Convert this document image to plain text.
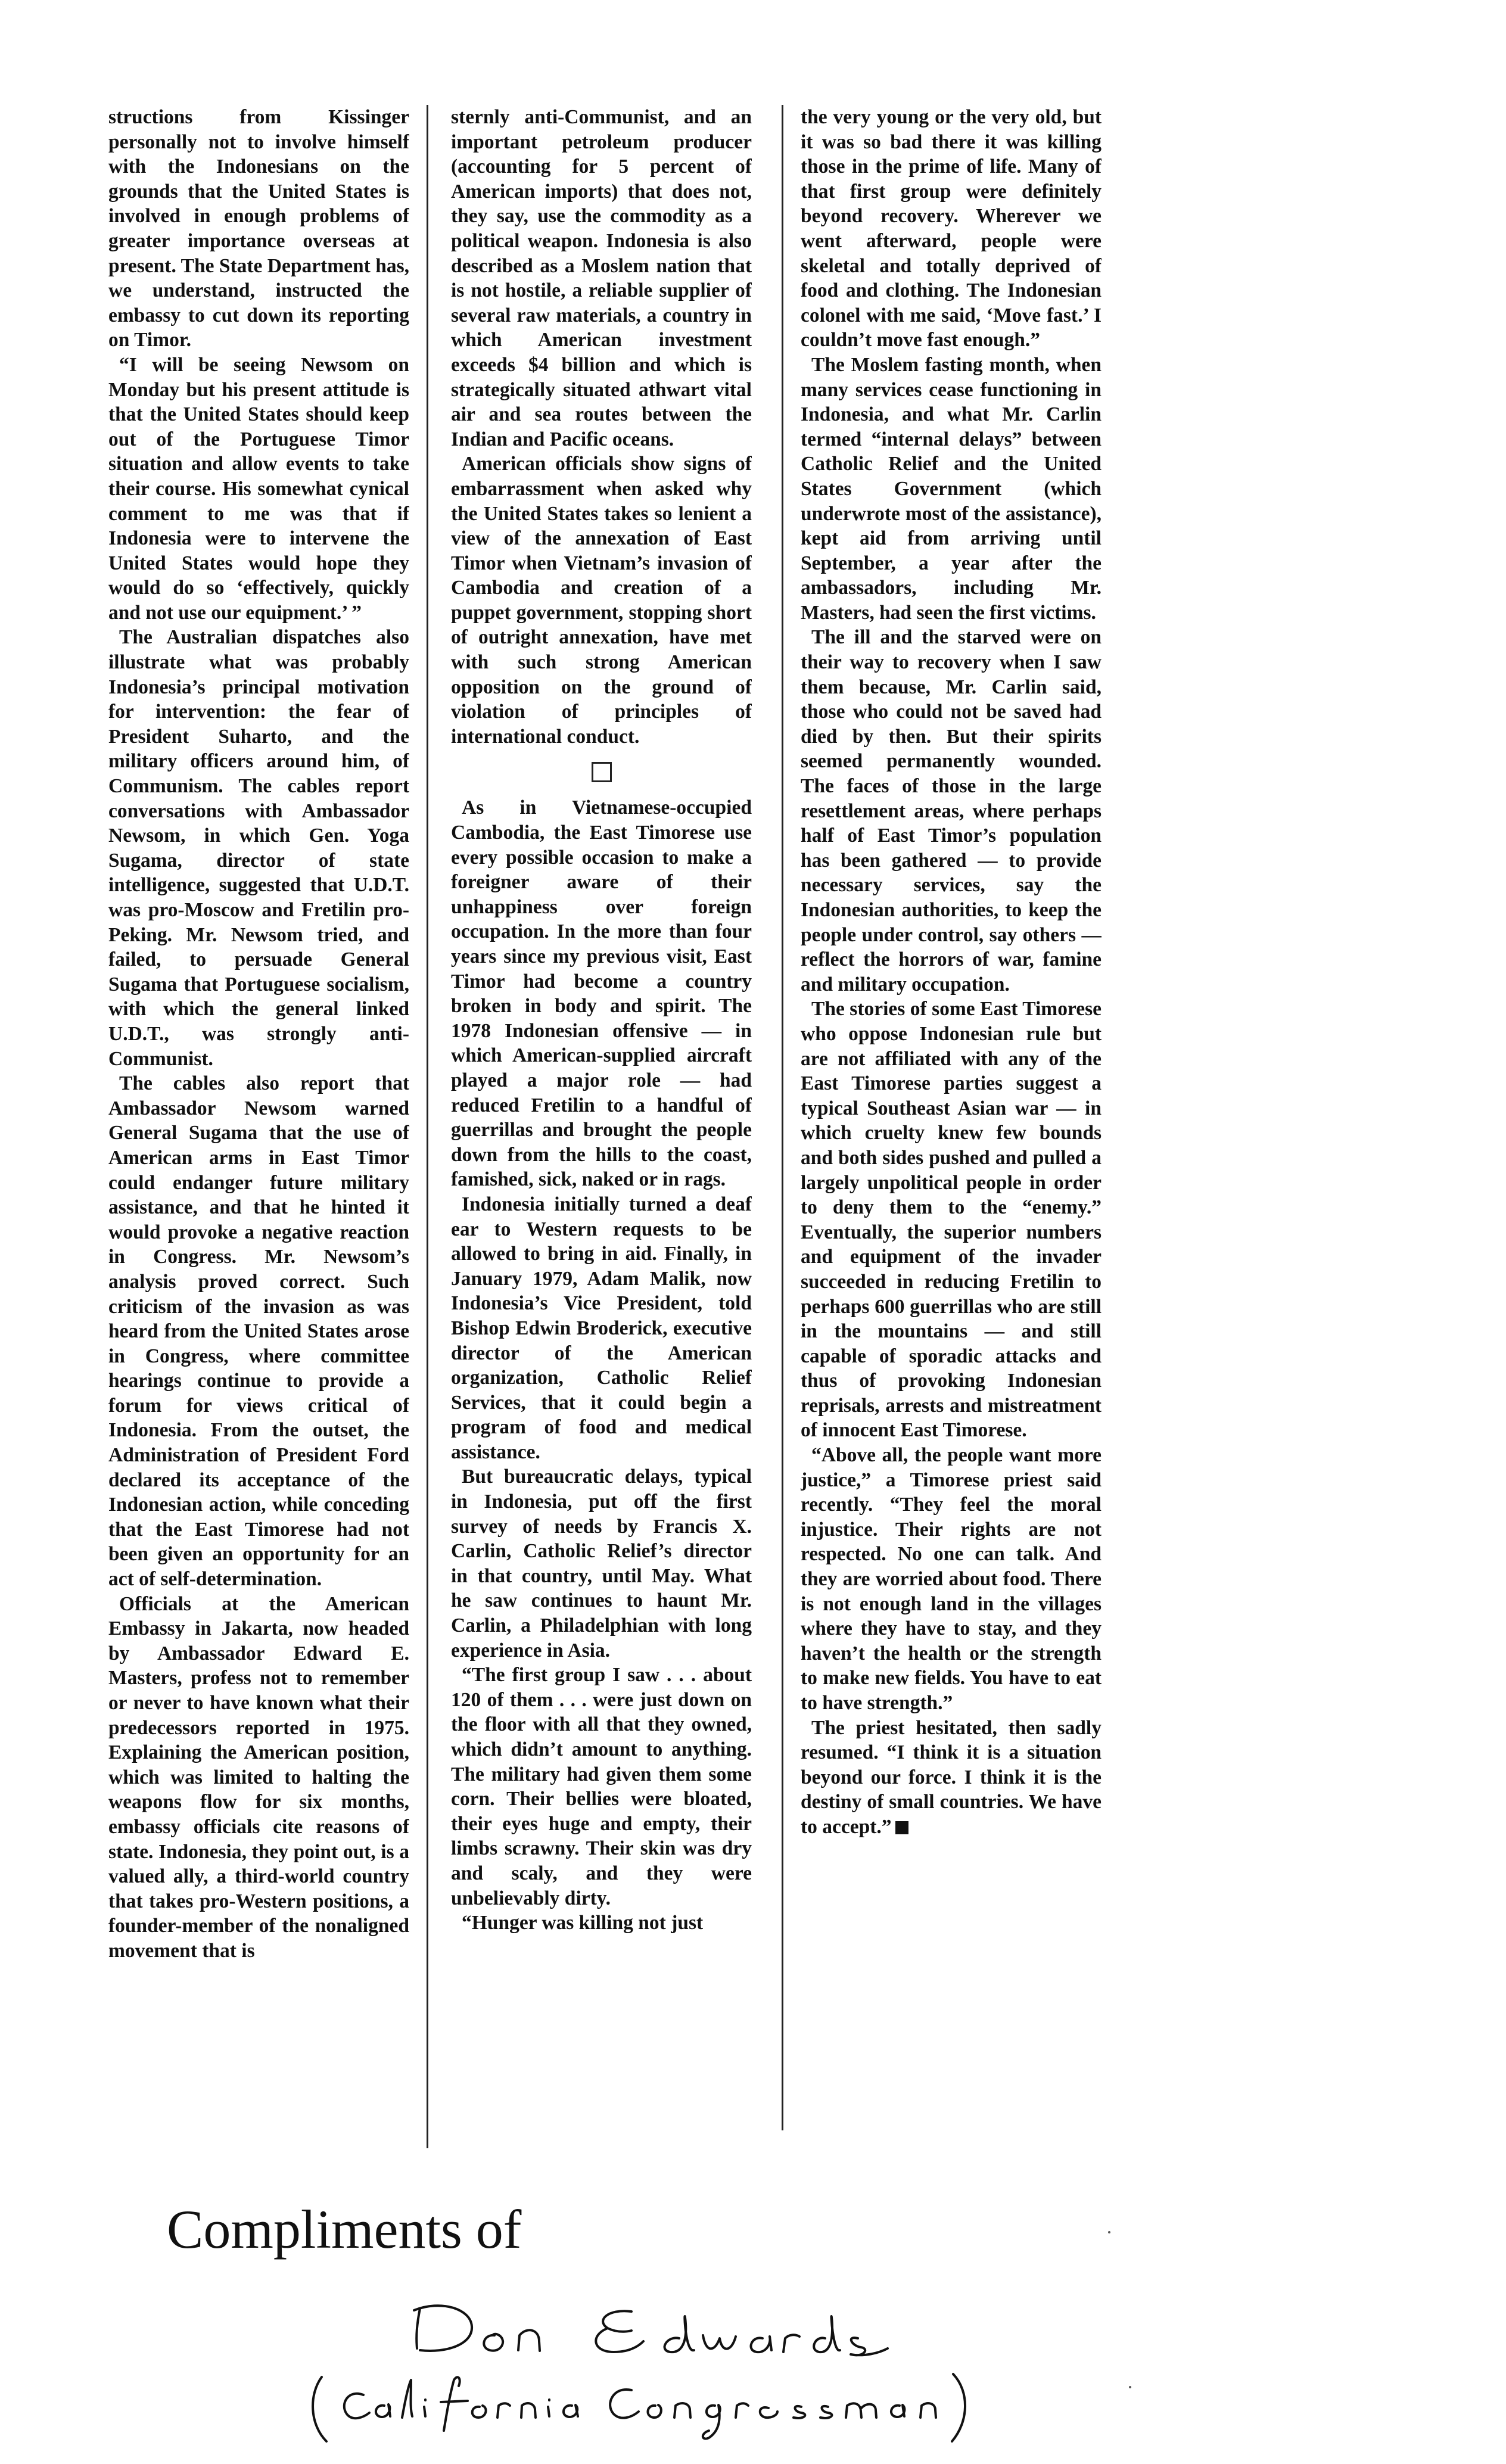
structions from Kissinger personally not to involve himself with the Indonesians on the grounds that the United States is involved in enough problems of greater importance overseas at present. The State Department has, we understand, instructed the embassy to cut down its reporting on Timor.

“I will be seeing Newsom on Monday but his present attitude is that the United States should keep out of the Portuguese Timor situation and allow events to take their course. His somewhat cynical comment to me was that if Indonesia were to intervene the United States would hope they would do so ‘effectively, quickly and not use our equipment.’ ”

The Australian dispatches also illustrate what was probably Indonesia’s principal motivation for intervention: the fear of President Suharto, and the military officers around him, of Communism. The cables report conversations with Ambassador Newsom, in which Gen. Yoga Sugama, director of state intelligence, suggested that U.D.T. was pro-Moscow and Fretilin pro-Peking. Mr. Newsom tried, and failed, to persuade General Sugama that Portuguese socialism, with which the general linked U.D.T., was strongly anti-Communist.

The cables also report that Ambassador Newsom warned General Sugama that the use of American arms in East Timor could endanger future military assistance, and that he hinted it would provoke a negative reaction in Congress. Mr. Newsom’s analysis proved correct. Such criticism of the invasion as was heard from the United States arose in Congress, where committee hearings continue to provide a forum for views critical of Indonesia. From the outset, the Administration of President Ford declared its acceptance of the Indonesian action, while conceding that the East Timorese had not been given an opportunity for an act of self-determination.

Officials at the American Embassy in Jakarta, now headed by Ambassador Edward E. Masters, profess not to remember or never to have known what their predecessors reported in 1975. Explaining the American position, which was limited to halting the weapons flow for six months, embassy officials cite reasons of state. Indonesia, they point out, is a valued ally, a third-world country that takes pro-Western positions, a founder-member of the nonaligned movement that is

sternly anti-Communist, and an important petroleum producer (accounting for 5 percent of American imports) that does not, they say, use the commodity as a political weapon. Indonesia is also described as a Moslem nation that is not hostile, a reliable supplier of several raw materials, a country in which American investment exceeds $4 billion and which is strategically situated athwart vital air and sea routes between the Indian and Pacific oceans.

American officials show signs of embarrassment when asked why the United States takes so lenient a view of the annexation of East Timor when Vietnam’s invasion of Cambodia and creation of a puppet government, stopping short of outright annexation, have met with such strong American opposition on the ground of violation of principles of international conduct.

As in Vietnamese-occupied Cambodia, the East Timorese use every possible occasion to make a foreigner aware of their unhappiness over foreign occupation. In the more than four years since my previous visit, East Timor had become a country broken in body and spirit. The 1978 Indonesian offensive — in which American-supplied aircraft played a major role — had reduced Fretilin to a handful of guerrillas and brought the people down from the hills to the coast, famished, sick, naked or in rags.

Indonesia initially turned a deaf ear to Western requests to be allowed to bring in aid. Finally, in January 1979, Adam Malik, now Indonesia’s Vice President, told Bishop Edwin Broderick, executive director of the American organization, Catholic Relief Services, that it could begin a program of food and medical assistance.

But bureaucratic delays, typical in Indonesia, put off the first survey of needs by Francis X. Carlin, Catholic Relief’s director in that country, until May. What he saw continues to haunt Mr. Carlin, a Philadelphian with long experience in Asia.

“The first group I saw . . . about 120 of them . . . were just down on the floor with all that they owned, which didn’t amount to anything. The military had given them some corn. Their bellies were bloated, their eyes huge and empty, their limbs scrawny. Their skin was dry and scaly, and they were unbelievably dirty.

“Hunger was killing not just

the very young or the very old, but it was so bad there it was killing those in the prime of life. Many of that first group were definitely beyond recovery. Wherever we went afterward, people were skeletal and totally deprived of food and clothing. The Indonesian colonel with me said, ‘Move fast.’ I couldn’t move fast enough.”

The Moslem fasting month, when many services cease functioning in Indonesia, and what Mr. Carlin termed “internal delays” between Catholic Relief and the United States Government (which underwrote most of the assistance), kept aid from arriving until September, a year after the ambassadors, including Mr. Masters, had seen the first victims.

The ill and the starved were on their way to recovery when I saw them because, Mr. Carlin said, those who could not be saved had died by then. But their spirits seemed permanently wounded. The faces of those in the large resettlement areas, where perhaps half of East Timor’s population has been gathered — to provide necessary services, say the Indonesian authorities, to keep the people under control, say others — reflect the horrors of war, famine and military occupation.

The stories of some East Timorese who oppose Indonesian rule but are not affiliated with any of the East Timorese parties suggest a typical Southeast Asian war — in which cruelty knew few bounds and both sides pushed and pulled a largely unpolitical people in order to deny them to the “enemy.” Eventually, the superior numbers and equipment of the invader succeeded in reducing Fretilin to perhaps 600 guerrillas who are still in the mountains — and still capable of sporadic attacks and thus of provoking Indonesian reprisals, arrests and mistreatment of innocent East Timorese.

“Above all, the people want more justice,” a Timorese priest said recently. “They feel the moral injustice. Their rights are not respected. No one can talk. And they are worried about food. There is not enough land in the villages where they have to stay, and they haven’t the health or the strength to make new fields. You have to eat to have strength.”

The priest hesitated, then sadly resumed. “I think it is a situation beyond our force. I think it is the destiny of small countries. We have to accept.”

Compliments of
